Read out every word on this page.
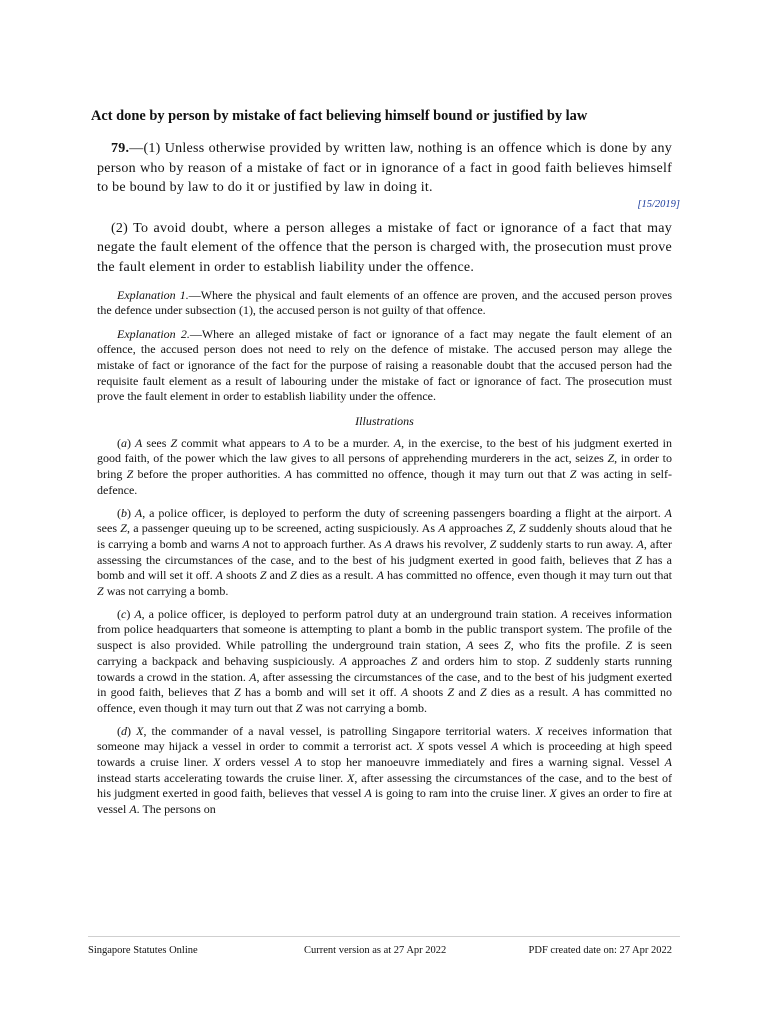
Act done by person by mistake of fact believing himself bound or justified by law
79.—(1) Unless otherwise provided by written law, nothing is an offence which is done by any person who by reason of a mistake of fact or in ignorance of a fact in good faith believes himself to be bound by law to do it or justified by law in doing it.
[15/2019]
(2) To avoid doubt, where a person alleges a mistake of fact or ignorance of a fact that may negate the fault element of the offence that the person is charged with, the prosecution must prove the fault element in order to establish liability under the offence.
Explanation 1.—Where the physical and fault elements of an offence are proven, and the accused person proves the defence under subsection (1), the accused person is not guilty of that offence.
Explanation 2.—Where an alleged mistake of fact or ignorance of a fact may negate the fault element of an offence, the accused person does not need to rely on the defence of mistake. The accused person may allege the mistake of fact or ignorance of the fact for the purpose of raising a reasonable doubt that the accused person had the requisite fault element as a result of labouring under the mistake of fact or ignorance of fact. The prosecution must prove the fault element in order to establish liability under the offence.
Illustrations
(a) A sees Z commit what appears to A to be a murder. A, in the exercise, to the best of his judgment exerted in good faith, of the power which the law gives to all persons of apprehending murderers in the act, seizes Z, in order to bring Z before the proper authorities. A has committed no offence, though it may turn out that Z was acting in self-defence.
(b) A, a police officer, is deployed to perform the duty of screening passengers boarding a flight at the airport. A sees Z, a passenger queuing up to be screened, acting suspiciously. As A approaches Z, Z suddenly shouts aloud that he is carrying a bomb and warns A not to approach further. As A draws his revolver, Z suddenly starts to run away. A, after assessing the circumstances of the case, and to the best of his judgment exerted in good faith, believes that Z has a bomb and will set it off. A shoots Z and Z dies as a result. A has committed no offence, even though it may turn out that Z was not carrying a bomb.
(c) A, a police officer, is deployed to perform patrol duty at an underground train station. A receives information from police headquarters that someone is attempting to plant a bomb in the public transport system. The profile of the suspect is also provided. While patrolling the underground train station, A sees Z, who fits the profile. Z is seen carrying a backpack and behaving suspiciously. A approaches Z and orders him to stop. Z suddenly starts running towards a crowd in the station. A, after assessing the circumstances of the case, and to the best of his judgment exerted in good faith, believes that Z has a bomb and will set it off. A shoots Z and Z dies as a result. A has committed no offence, even though it may turn out that Z was not carrying a bomb.
(d) X, the commander of a naval vessel, is patrolling Singapore territorial waters. X receives information that someone may hijack a vessel in order to commit a terrorist act. X spots vessel A which is proceeding at high speed towards a cruise liner. X orders vessel A to stop her manoeuvre immediately and fires a warning signal. Vessel A instead starts accelerating towards the cruise liner. X, after assessing the circumstances of the case, and to the best of his judgment exerted in good faith, believes that vessel A is going to ram into the cruise liner. X gives an order to fire at vessel A. The persons on
Singapore Statutes Online	Current version as at 27 Apr 2022	PDF created date on: 27 Apr 2022
